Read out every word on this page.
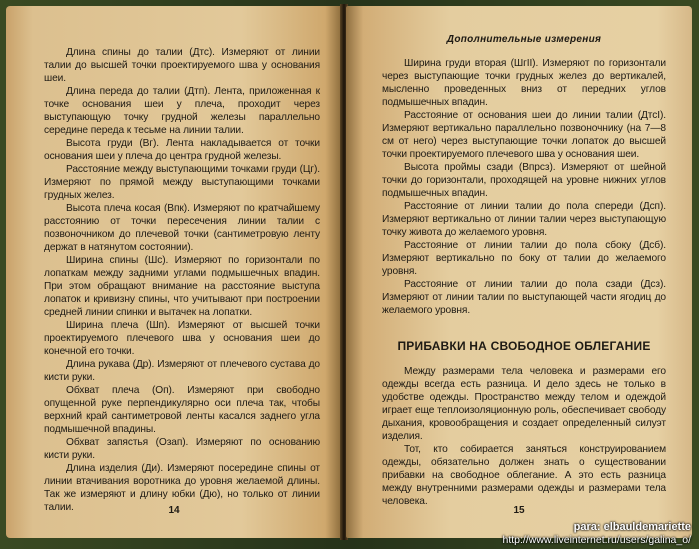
Длина спины до талии (Дтс). Измеряют от линии талии до высшей точки проектируемого шва у основания шеи.

Длина переда до талии (Дтп). Лента, приложенная к точке основания шеи у плеча, проходит через выступающую точку грудной железы параллельно середине переда к тесьме на линии талии.

Высота груди (Вг). Лента накладывается от точки основания шеи у плеча до центра грудной железы.

Расстояние между выступающими точками груди (Цг). Измеряют по прямой между выступающими точками грудных желез.

Высота плеча косая (Впк). Измеряют по кратчайшему расстоянию от точки пересечения линии талии с позвоночником до плечевой точки (сантиметровую ленту держат в натянутом состоянии).

Ширина спины (Шс). Измеряют по горизонтали по лопаткам между задними углами подмышечных впадин. При этом обращают внимание на расстояние выступа лопаток и кривизну спины, что учитывают при построении средней линии спинки и вытачек на лопатки.

Ширина плеча (Шп). Измеряют от высшей точки проектируемого плечевого шва у основания шеи до конечной его точки.

Длина рукава (Др). Измеряют от плечевого сустава до кисти руки.

Обхват плеча (Оп). Измеряют при свободно опущенной руке перпендикулярно оси плеча так, чтобы верхний край сантиметровой ленты касался заднего угла подмышечной впадины.

Обхват запястья (Озап). Измеряют по основанию кисти руки.

Длина изделия (Ди). Измеряют посередине спины от линии втачивания воротника до уровня желаемой длины. Так же измеряют и длину юбки (Дю), но только от линии талии.	14
Дополнительные измерения

Ширина груди вторая (ШгII). Измеряют по горизонтали через выступающие точки грудных желез до вертикалей, мысленно проведенных вниз от передних углов подмышечных впадин.

Расстояние от основания шеи до линии талии (ДтсI). Измеряют вертикально параллельно позвоночнику (на 7—8 см от него) через выступающие точки лопаток до высшей точки проектируемого плечевого шва у основания шеи.

Высота проймы сзади (Впрсз). Измеряют от шейной точки до горизонтали, проходящей на уровне нижних углов подмышечных впадин.

Расстояние от линии талии до пола спереди (Дсп). Измеряют вертикально от линии талии через выступающую точку живота до желаемого уровня.

Расстояние от линии талии до пола сбоку (Дсб). Измеряют вертикально по боку от талии до желаемого уровня.

Расстояние от линии талии до пола сзади (Дсз). Измеряют от линии талии по выступающей части ягодиц до желаемого уровня.

ПРИБАВКИ НА СВОБОДНОЕ ОБЛЕГАНИЕ

Между размерами тела человека и размерами его одежды всегда есть разница. И дело здесь не только в удобстве одежды. Пространство между телом и одеждой играет еще теплоизоляционную роль, обеспечивает свободу дыхания, кровообращения и создает определенный силуэт изделия.

Тот, кто собирается заняться конструированием одежды, обязательно должен знать о существовании прибавки на свободное облегание. А это есть разница между внутренними размерами одежды и размерами тела человека.

15
para: elbauldemariette
http://www.liveinternet.ru/users/galina_o/
